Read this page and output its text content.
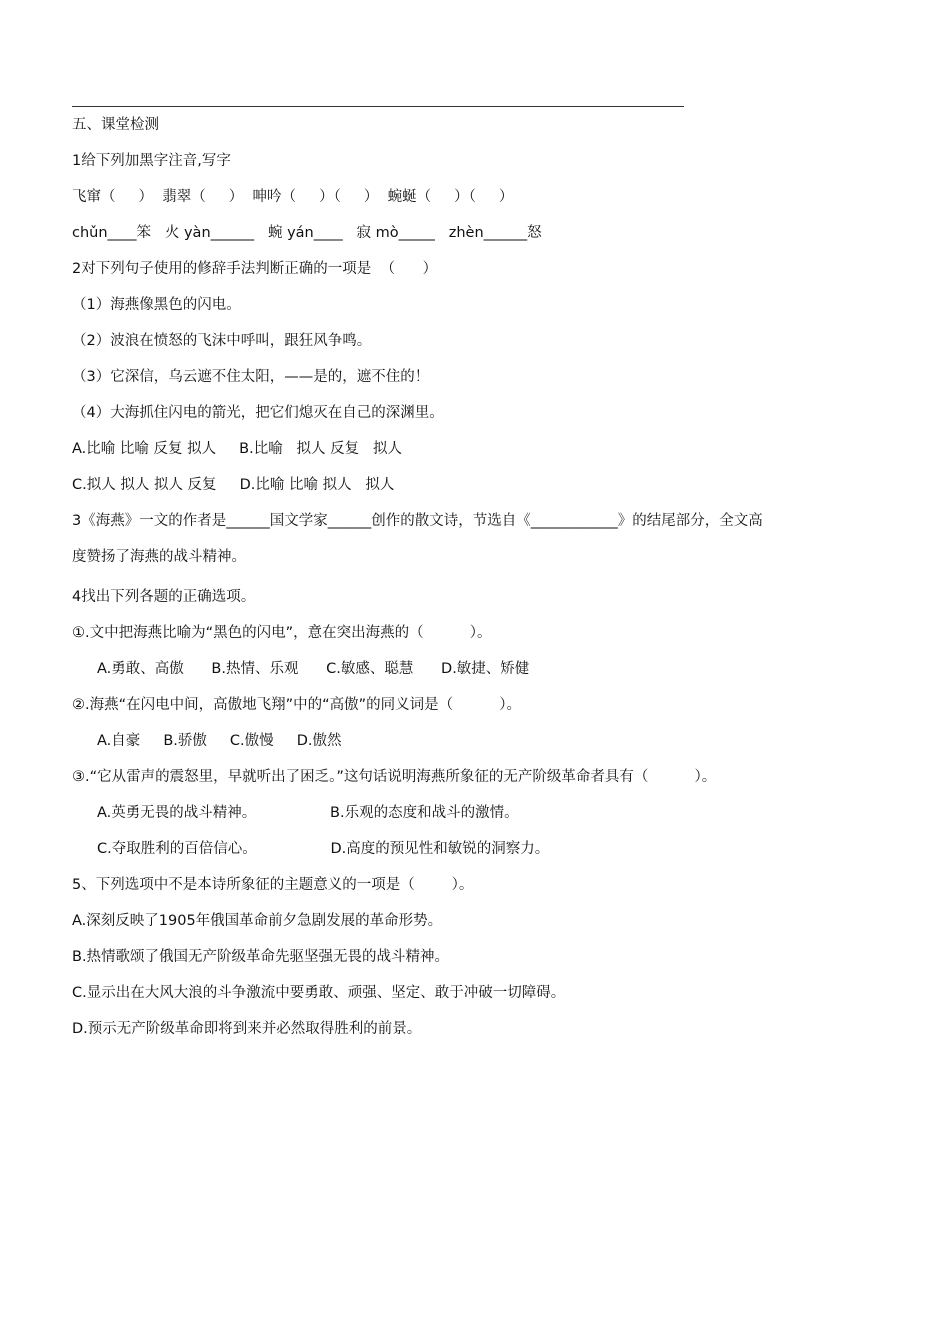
五、课堂检测
1给下列加黑字注音,写字
飞窜（     ）  翡翠（     ）  呻吟（     ）（     ）  蜿蜒（     ）（     ）
chǔn____笨   火 yàn______   蜿 yán____   寂 mò_____   zhèn______怒
2对下列句子使用的修辞手法判断正确的一项是  （      ）
（1）海燕像黑色的闪电。
（2）波浪在愤怒的飞沫中呼叫，跟狂风争鸣。
（3）它深信，乌云遮不住太阳，——是的，遮不住的！
（4）大海抓住闪电的箭光，把它们熄灭在自己的深渊里。
A.比喻 比喻 反复 拟人     B.比喻   拟人 反复   拟人
C.拟人 拟人 拟人 反复     D.比喻 比喻 拟人   拟人
3《海燕》一文的作者是______国文学家______创作的散文诗，节选自《____________》的结尾部分，全文高
度赞扬了海燕的战斗精神。
4找出下列各题的正确选项。
①.文中把海燕比喻为“黑色的闪电”，意在突出海燕的（          ）。
A.勇敢、高傲      B.热情、乐观      C.敏感、聪慧      D.敏捷、矫健
②.海燕“在闪电中间，高傲地飞翔”中的“高傲”的同义词是（          ）。
A.自豪     B.骄傲     C.傲慢     D.傲然
③.“它从雷声的震怒里，早就听出了困乏。”这句话说明海燕所象征的无产阶级革命者具有（          ）。
A.英勇无畏的战斗精神。                B.乐观的态度和战斗的激情。
C.夺取胜利的百倍信心。                D.高度的预见性和敏锐的洞察力。
5、下列选项中不是本诗所象征的主题意义的一项是（        ）。
A.深刻反映了1905年俄国革命前夕急剧发展的革命形势。
B.热情歌颂了俄国无产阶级革命先驱坚强无畏的战斗精神。
C.显示出在大风大浪的斗争激流中要勇敢、顽强、坚定、敢于冲破一切障碍。
D.预示无产阶级革命即将到来并必然取得胜利的前景。
